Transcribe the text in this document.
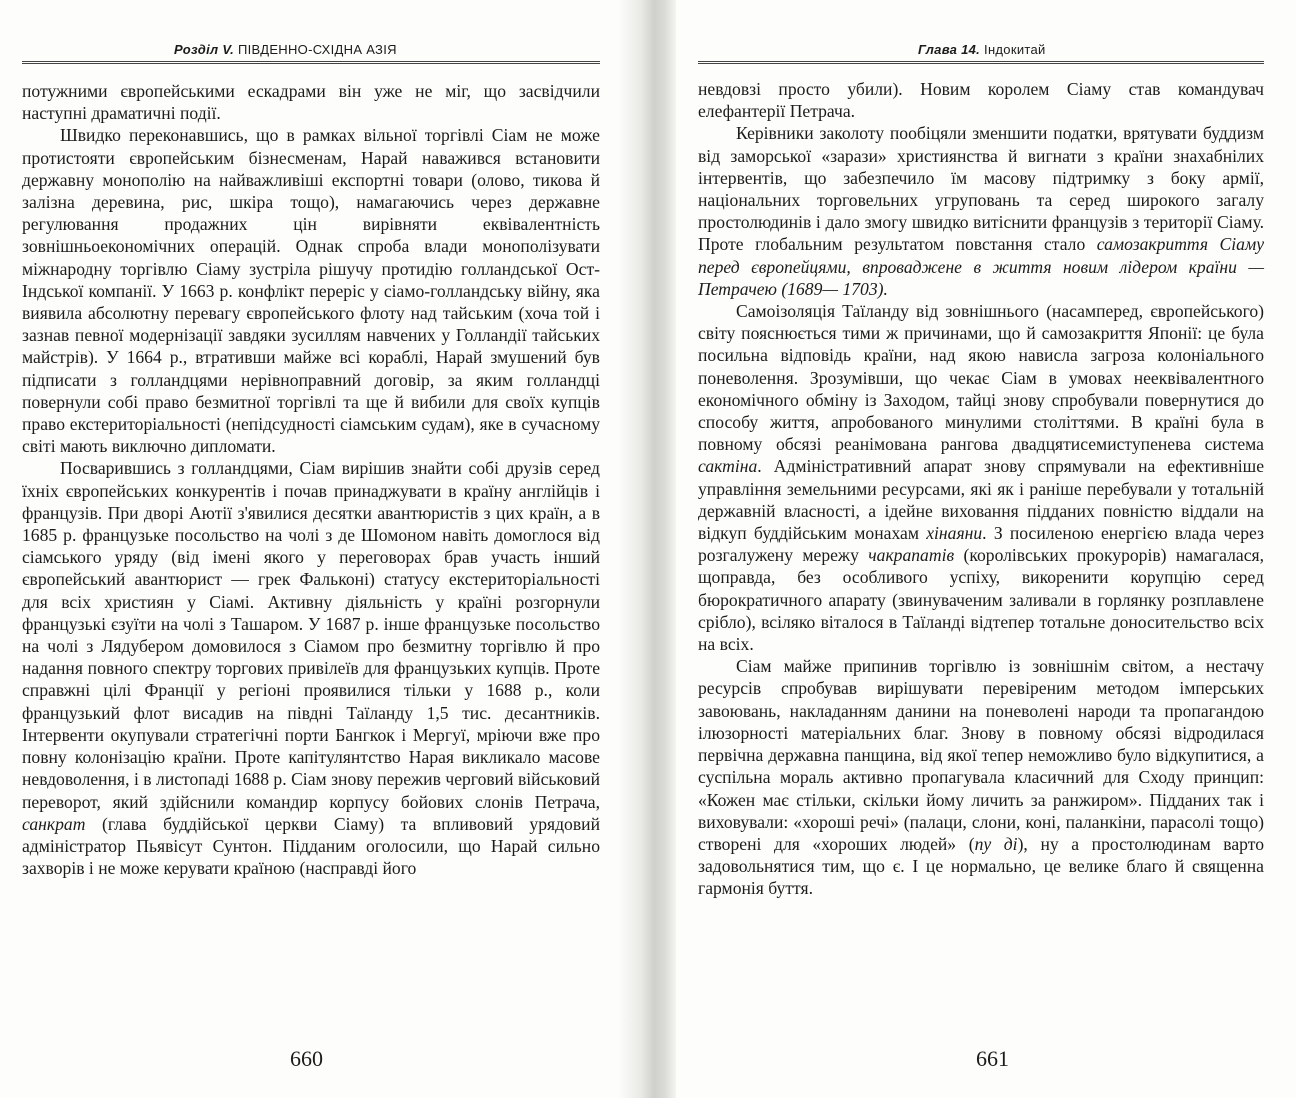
Розділ V. ПІВДЕННО-СХІДНА АЗІЯ

потужними європейськими ескадрами він уже не міг, що засвідчили наступні драматичні події.

Швидко переконавшись, що в рамках вільної торгівлі Сіам не може протистояти європейським бізнесменам, Нарай наважився встановити державну монополію на найважливіші експортні товари (олово, тикова й залізна деревина, рис, шкіра тощо), намагаючись через державне регулювання продажних цін вирівняти еквівалентність зовнішньоекономічних операцій. Однак спроба влади монополізувати міжнародну торгівлю Сіаму зустріла рішучу протидію голландської Ост-Індської компанії. У 1663 р. конфлікт переріс у сіамо-голландську війну, яка виявила абсолютну перевагу європейського флоту над тайським (хоча той і зазнав певної модернізації завдяки зусиллям навчених у Голландії тайських майстрів). У 1664 р., втративши майже всі кораблі, Нарай змушений був підписати з голландцями нерівноправний договір, за яким голландці повернули собі право безмитної торгівлі та ще й вибили для своїх купців право екстериторіальності (непідсудності сіамським судам), яке в сучасному світі мають виключно дипломати.

Посварившись з голландцями, Сіам вирішив знайти собі друзів серед їхніх європейських конкурентів і почав принаджувати в країну англійців і французів. При дворі Аютії з'явилися десятки авантюристів з цих країн, а в 1685 р. французьке посольство на чолі з де Шомоном навіть домоглося від сіамського уряду (від імені якого у переговорах брав участь інший європейський авантюрист — грек Фальконі) статусу екстериторіальності для всіх християн у Сіамі. Активну діяльність у країні розгорнули французькі єзуїти на чолі з Ташаром. У 1687 р. інше французьке посольство на чолі з Лядубером домовилося з Сіамом про безмитну торгівлю й про надання повного спектру торгових привілеїв для французьких купців. Проте справжні цілі Франції у регіоні проявилися тільки у 1688 р., коли французький флот висадив на півдні Таїланду 1,5 тис. десантників. Інтервенти окупували стратегічні порти Бангкок і Мергуї, мріючи вже про повну колонізацію країни. Проте капітулянтство Нарая викликало масове невдоволення, і в листопаді 1688 р. Сіам знову пережив черговий військовий переворот, який здійснили командир корпусу бойових слонів Петрача, санкрат (глава буддійської церкви Сіаму) та впливовий урядовий адміністратор Пьявісут Сунтон. Підданим оголосили, що Нарай сильно захворів і не може керувати країною (насправді його

660
Глава 14. Індокитай

невдовзі просто убили). Новим королем Сіаму став командувач елефантерії Петрача.

Керівники заколоту пообіцяли зменшити податки, врятувати буддизм від заморської «зарази» християнства й вигнати з країни знахабнілих інтервентів, що забезпечило їм масову підтримку з боку армії, національних торговельних угруповань та серед широкого загалу простолюдинів і дало змогу швидко витіснити французів з території Сіаму. Проте глобальним результатом повстання стало самозакриття Сіаму перед європейцями, впроваджене в життя новим лідером країни — Петрачею (1689— 1703).

Самоізоляція Таїланду від зовнішнього (насамперед, європейського) світу пояснюється тими ж причинами, що й самозакриття Японії: це була посильна відповідь країни, над якою нависла загроза колоніального поневолення. Зрозумівши, що чекає Сіам в умовах нееквівалентного економічного обміну із Заходом, тайці знову спробували повернутися до способу життя, апробованого минулими століттями. В країні була в повному обсязі реанімована рангова двадцятисемиступенева система сактіна. Адміністративний апарат знову спрямували на ефективніше управління земельними ресурсами, які як і раніше перебували у тотальній державній власності, а ідейне виховання підданих повністю віддали на відкуп буддійським монахам хінаяни. З посиленою енергією влада через розгалужену мережу чакрапатів (королівських прокурорів) намагалася, щоправда, без особливого успіху, викоренити корупцію серед бюрократичного апарату (звинуваченим заливали в горлянку розплавлене срібло), всіляко віталося в Таїланді відтепер тотальне доносительство всіх на всіх.

Сіам майже припинив торгівлю із зовнішнім світом, а нестачу ресурсів спробував вирішувати перевіреним методом імперських завоювань, накладанням данини на поневолені народи та пропагандою ілюзорності матеріальних благ. Знову в повному обсязі відродилася первічна державна панщина, від якої тепер неможливо було відкупитися, а суспільна мораль активно пропагувала класичний для Сходу принцип: «Кожен має стільки, скільки йому личить за ранжиром». Підданих так і виховували: «хороші речі» (палаци, слони, коні, паланкіни, парасолі тощо) створені для «хороших людей» (пу ді), ну а простолюдинам варто задовольнятися тим, що є. І це нормально, це велике благо й священна гармонія буття.

661
